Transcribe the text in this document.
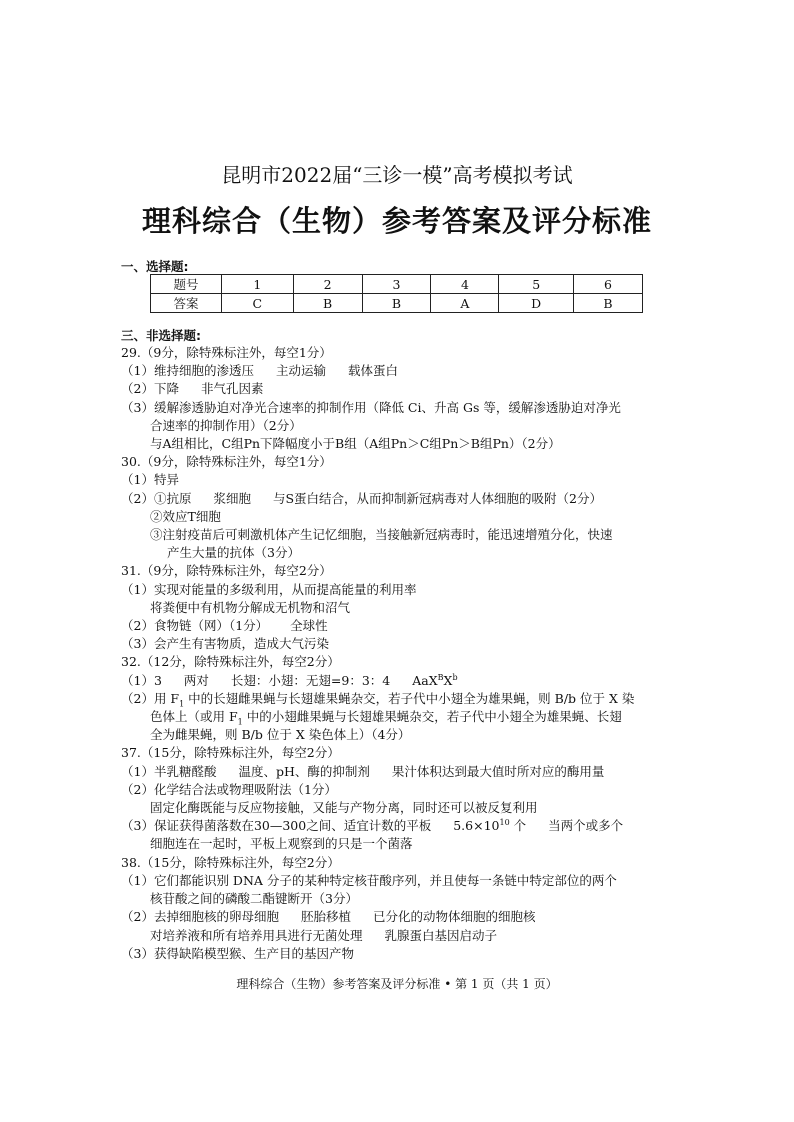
昆明市2022届“三诊一模”高考模拟考试
理科综合（生物）参考答案及评分标准
一、选择题:
题号	1	2	3	4	5	6
答案	C	B	B	A	D	B
三、非选择题:
29.（9分，除特殊标注外，每空1分）
（1）维持细胞的渗透压 主动运输 载体蛋白
（2）下降 非气孔因素
（3）缓解渗透胁迫对净光合速率的抑制作用（降低 Ci、升高 Gs 等，缓解渗透胁迫对净光
合速率的抑制作用）（2分）
与A组相比，C组Pn下降幅度小于B组（A组Pn＞C组Pn＞B组Pn）（2分）
30.（9分，除特殊标注外，每空1分）
（1）特异
（2）①抗原 浆细胞 与S蛋白结合，从而抑制新冠病毒对人体细胞的吸附（2分）
②效应T细胞
③注射疫苗后可刺激机体产生记忆细胞，当接触新冠病毒时，能迅速增殖分化，快速
产生大量的抗体（3分）
31.（9分，除特殊标注外，每空2分）
（1）实现对能量的多级利用，从而提高能量的利用率
将粪便中有机物分解成无机物和沼气
（2）食物链（网）（1分） 全球性
（3）会产生有害物质，造成大气污染
32.（12分，除特殊标注外，每空2分）
（1）3 两对 长翅：小翅：无翅=9：3：4 $AaX^BX^b$
（2）用 $F_1$ 中的长翅雌果蝇与长翅雄果蝇杂交，若子代中小翅全为雄果蝇，则 B/b 位于 X 染
色体上（或用 $F_1$ 中的小翅雌果蝇与长翅雄果蝇杂交，若子代中小翅全为雄果蝇、长翅
全为雌果蝇，则 B/b 位于 X 染色体上）（4分）
37.（15分，除特殊标注外，每空2分）
（1）半乳糖醛酸 温度、pH、酶的抑制剂 果汁体积达到最大值时所对应的酶用量
（2）化学结合法或物理吸附法（1分）
固定化酶既能与反应物接触，又能与产物分离，同时还可以被反复利用
（3）保证获得菌落数在30—300之间、适宜计数的平板 $5.6\times 10^{10}$ 个 当两个或多个
细胞连在一起时，平板上观察到的只是一个菌落
38.（15分，除特殊标注外，每空2分）
（1）它们都能识别 DNA 分子的某种特定核苷酸序列，并且使每一条链中特定部位的两个
核苷酸之间的磷酸二酯键断开（3分）
（2）去掉细胞核的卵母细胞 胚胎移植 已分化的动物体细胞的细胞核
对培养液和所有培养用具进行无菌处理 乳腺蛋白基因启动子
（3）获得缺陷模型猴、生产目的基因产物
理科综合（生物）参考答案及评分标准 • 第 1 页（共 1 页）
